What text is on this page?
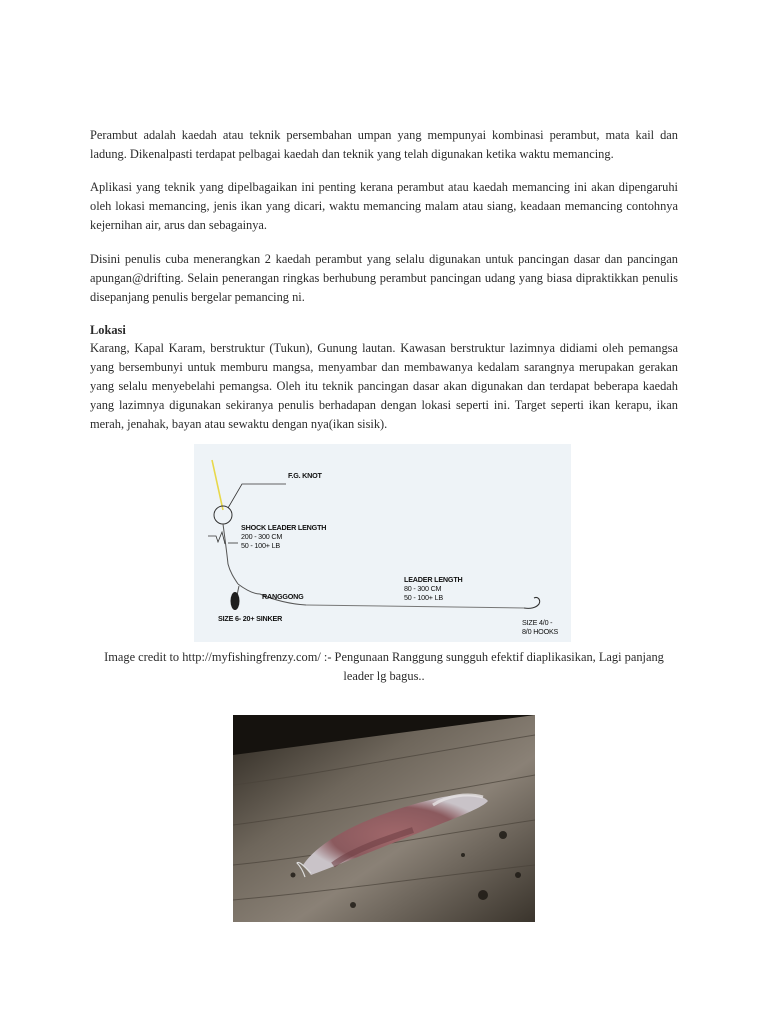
Perambut adalah kaedah atau teknik persembahan umpan yang mempunyai kombinasi perambut, mata kail dan ladung. Dikenalpasti terdapat pelbagai kaedah dan teknik yang telah digunakan ketika waktu memancing.

Aplikasi yang teknik yang dipelbagaikan ini penting kerana perambut atau kaedah memancing ini akan dipengaruhi oleh lokasi memancing, jenis ikan yang dicari, waktu memancing malam atau siang, keadaan memancing contohnya kejernihan air, arus dan sebagainya.

Disini penulis cuba menerangkan 2 kaedah perambut yang selalu digunakan untuk pancingan dasar dan pancingan apungan@drifting. Selain penerangan ringkas berhubung perambut pancingan udang yang biasa dipraktikkan penulis disepanjang penulis bergelar pemancing ni.

Lokasi

Karang, Kapal Karam, berstruktur (Tukun), Gunung lautan. Kawasan berstruktur lazimnya didiami oleh pemangsa yang bersembunyi untuk memburu mangsa, menyambar dan membawanya kedalam sarangnya merupakan gerakan yang selalu menyebelahi pemangsa. Oleh itu teknik pancingan dasar akan digunakan dan terdapat beberapa kaedah yang lazimnya digunakan sekiranya penulis berhadapan dengan lokasi seperti ini. Target seperti ikan kerapu, ikan merah, jenahak, bayan atau sewaktu dengan nya(ikan sisik).

F.G. KNOT

SHOCK LEADER LENGTH

200 - 300 CM

50 - 100+ LB

RANGGONG

LEADER LENGTH

80 - 300 CM

50 - 100+ LB

SIZE 6- 20+ SINKER	SIZE 4/0 -

8/0 HOOKS

Image credit to http://myfishingfrenzy.com/ :- Pengunaan Ranggung sungguh efektif diaplikasikan, Lagi panjang leader lg bagus..
